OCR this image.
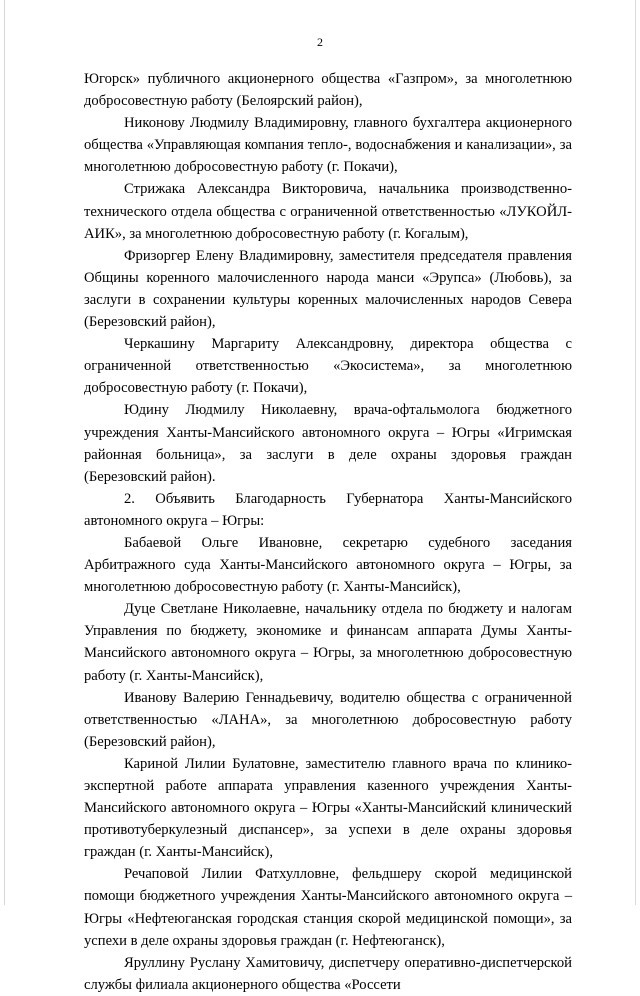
2

Югорск» публичного акционерного общества «Газпром», за многолетнюю добросовестную работу (Белоярский район),

Никонову Людмилу Владимировну, главного бухгалтера акционерного общества «Управляющая компания тепло-, водоснабжения и канализации», за многолетнюю добросовестную работу (г. Покачи),

Стрижака Александра Викторовича, начальника производственно-технического отдела общества с ограниченной ответственностью «ЛУКОЙЛ-АИК», за многолетнюю добросовестную работу (г. Когалым),

Фризоргер Елену Владимировну, заместителя председателя правления Общины коренного малочисленного народа манси «Эрупса» (Любовь), за заслуги в сохранении культуры коренных малочисленных народов Севера (Березовский район),

Черкашину Маргариту Александровну, директора общества с ограниченной ответственностью «Экосистема», за многолетнюю добросовестную работу (г. Покачи),

Юдину Людмилу Николаевну, врача-офтальмолога бюджетного учреждения Ханты-Мансийского автономного округа – Югры «Игримская районная больница», за заслуги в деле охраны здоровья граждан (Березовский район).

2. Объявить Благодарность Губернатора Ханты-Мансийского автономного округа – Югры:

Бабаевой Ольге Ивановне, секретарю судебного заседания Арбитражного суда Ханты-Мансийского автономного округа – Югры, за многолетнюю добросовестную работу (г. Ханты-Мансийск),

Дуце Светлане Николаевне, начальнику отдела по бюджету и налогам Управления по бюджету, экономике и финансам аппарата Думы Ханты-Мансийского автономного округа – Югры, за многолетнюю добросовестную работу (г. Ханты-Мансийск),

Иванову Валерию Геннадьевичу, водителю общества с ограниченной ответственностью «ЛАНА», за многолетнюю добросовестную работу (Березовский район),

Кариной Лилии Булатовне, заместителю главного врача по клинико-экспертной работе аппарата управления казенного учреждения Ханты-Мансийского автономного округа – Югры «Ханты-Мансийский клинический противотуберкулезный диспансер», за успехи в деле охраны здоровья граждан (г. Ханты-Мансийск),

Речаповой Лилии Фатхулловне, фельдшеру скорой медицинской помощи бюджетного учреждения Ханты-Мансийского автономного округа – Югры «Нефтеюганская городская станция скорой медицинской помощи», за успехи в деле охраны здоровья граждан (г. Нефтеюганск),

Яруллину Руслану Хамитовичу, диспетчеру оперативно-диспетчерской службы филиала акционерного общества «Россети
